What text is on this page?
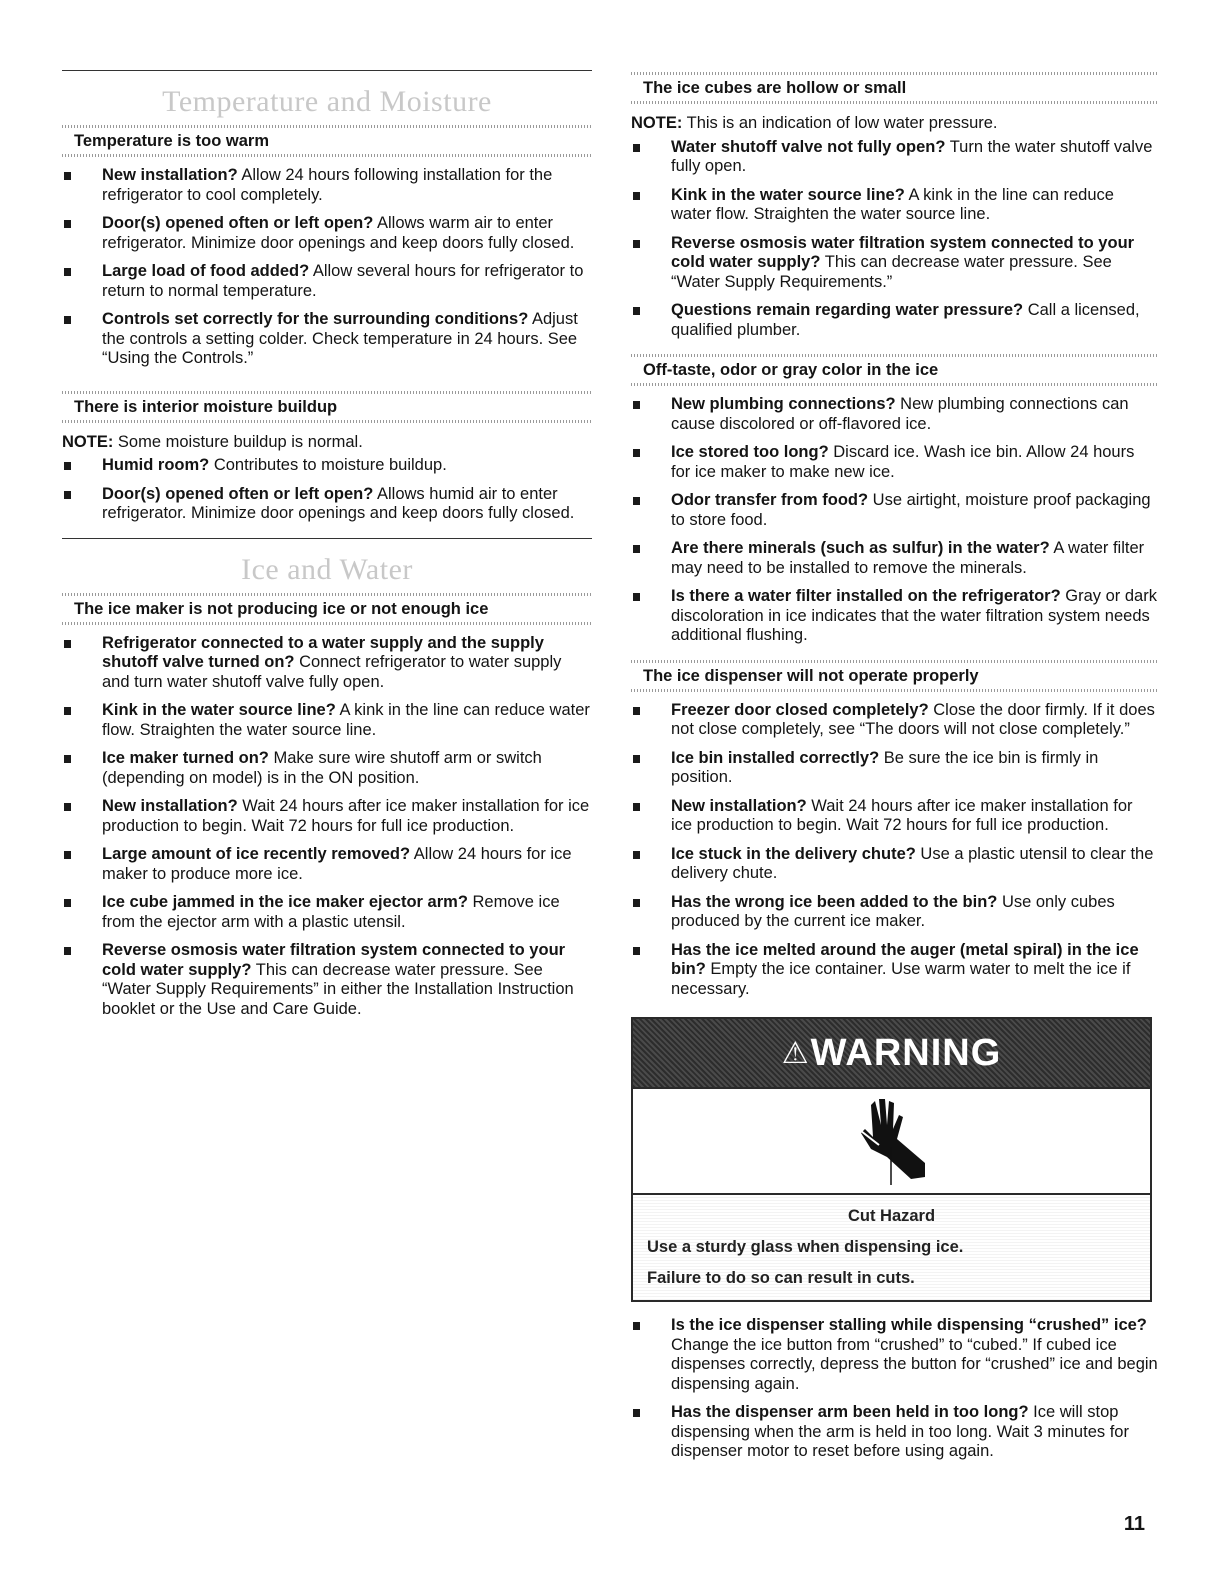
Temperature and Moisture
Temperature is too warm
New installation? Allow 24 hours following installation for the refrigerator to cool completely.
Door(s) opened often or left open? Allows warm air to enter refrigerator. Minimize door openings and keep doors fully closed.
Large load of food added? Allow several hours for refrigerator to return to normal temperature.
Controls set correctly for the surrounding conditions? Adjust the controls a setting colder. Check temperature in 24 hours. See “Using the Controls.”
There is interior moisture buildup
NOTE: Some moisture buildup is normal.
Humid room? Contributes to moisture buildup.
Door(s) opened often or left open? Allows humid air to enter refrigerator. Minimize door openings and keep doors fully closed.
Ice and Water
The ice maker is not producing ice or not enough ice
Refrigerator connected to a water supply and the supply shutoff valve turned on? Connect refrigerator to water supply and turn water shutoff valve fully open.
Kink in the water source line? A kink in the line can reduce water flow. Straighten the water source line.
Ice maker turned on? Make sure wire shutoff arm or switch (depending on model) is in the ON position.
New installation? Wait 24 hours after ice maker installation for ice production to begin. Wait 72 hours for full ice production.
Large amount of ice recently removed? Allow 24 hours for ice maker to produce more ice.
Ice cube jammed in the ice maker ejector arm? Remove ice from the ejector arm with a plastic utensil.
Reverse osmosis water filtration system connected to your cold water supply? This can decrease water pressure. See “Water Supply Requirements” in either the Installation Instruction booklet or the Use and Care Guide.
The ice cubes are hollow or small
NOTE: This is an indication of low water pressure.
Water shutoff valve not fully open? Turn the water shutoff valve fully open.
Kink in the water source line? A kink in the line can reduce water flow. Straighten the water source line.
Reverse osmosis water filtration system connected to your cold water supply? This can decrease water pressure. See “Water Supply Requirements.”
Questions remain regarding water pressure? Call a licensed, qualified plumber.
Off-taste, odor or gray color in the ice
New plumbing connections? New plumbing connections can cause discolored or off-flavored ice.
Ice stored too long? Discard ice. Wash ice bin. Allow 24 hours for ice maker to make new ice.
Odor transfer from food? Use airtight, moisture proof packaging to store food.
Are there minerals (such as sulfur) in the water? A water filter may need to be installed to remove the minerals.
Is there a water filter installed on the refrigerator? Gray or dark discoloration in ice indicates that the water filtration system needs additional flushing.
The ice dispenser will not operate properly
Freezer door closed completely? Close the door firmly. If it does not close completely, see “The doors will not close completely.”
Ice bin installed correctly? Be sure the ice bin is firmly in position.
New installation? Wait 24 hours after ice maker installation for ice production to begin. Wait 72 hours for full ice production.
Ice stuck in the delivery chute? Use a plastic utensil to clear the delivery chute.
Has the wrong ice been added to the bin? Use only cubes produced by the current ice maker.
Has the ice melted around the auger (metal spiral) in the ice bin? Empty the ice container. Use warm water to melt the ice if necessary.
⚠ WARNING
Cut Hazard
Use a sturdy glass when dispensing ice.
Failure to do so can result in cuts.
Is the ice dispenser stalling while dispensing “crushed” ice? Change the ice button from “crushed” to “cubed.” If cubed ice dispenses correctly, depress the button for “crushed” ice and begin dispensing again.
Has the dispenser arm been held in too long? Ice will stop dispensing when the arm is held in too long. Wait 3 minutes for dispenser motor to reset before using again.
11
